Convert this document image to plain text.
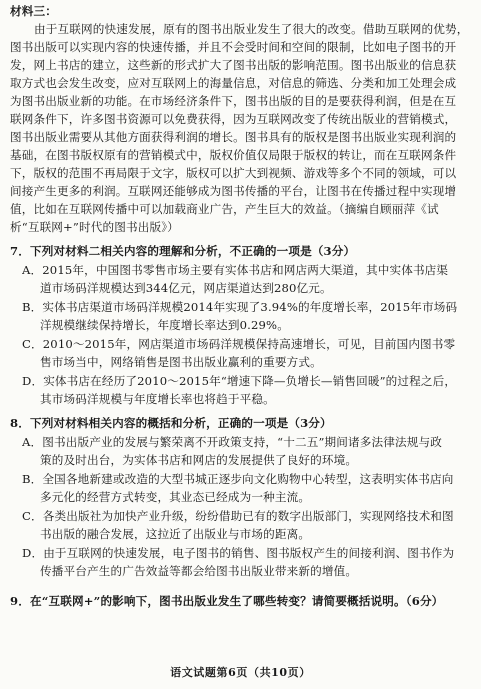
材料三：
由于互联网的快速发展，原有的图书出版业发生了很大的改变。借助互联网的优势，
图书出版可以实现内容的快速传播，并且不会受时间和空间的限制，比如电子图书的开
发，网上书店的建立，这些新的形式扩大了图书出版的影响范围。图书出版业的信息获
取方式也会发生改变，应对互联网上的海量信息，对信息的筛选、分类和加工处理会成
为图书出版业新的功能。在市场经济条件下，图书出版的目的是要获得利润，但是在互
联网条件下，许多图书资源可以免费获得，因为互联网改变了传统出版业的营销模式，
图书出版业需要从其他方面获得利润的增长。图书具有的版权是图书出版业实现利润的
基础，在图书版权原有的营销模式中，版权价值仅局限于版权的转让，而在互联网条件
下，版权的范围不再局限于文字，版权可以扩大到视频、游戏等多个不同的领域，可以
间接产生更多的利润。互联网还能够成为图书传播的平台，让图书在传播过程中实现增
值，比如在互联网传播中可以加载商业广告，产生巨大的效益。（摘编自顾丽萍《试
析“互联网+”时代的图书出版》）
7．下列对材料二相关内容的理解和分析，不正确的一项是（3分）
A．2015年，中国图书零售市场主要有实体书店和网店两大渠道，其中实体书店渠
道市场码洋规模达到344亿元，网店渠道达到280亿元。
B．实体书店渠道市场码洋规模2014年实现了3.94%的年度增长率，2015年市场码
洋规模继续保持增长，年度增长率达到0.29%。
C．2010～2015年，网店渠道市场码洋规模保持高速增长，可见，目前国内图书零
售市场当中，网络销售是图书出版业赢利的重要方式。
D．实体书店在经历了2010～2015年“增速下降—负增长—销售回暖”的过程之后，
其市场码洋规模与年度增长率也将趋于平稳。
8．下列对材料相关内容的概括和分析，正确的一项是（3分）
A．图书出版产业的发展与繁荣离不开政策支持，“十二五”期间诸多法律法规与政
策的及时出台，为实体书店和网店的发展提供了良好的环境。
B．全国各地新建或改造的大型书城正逐步向文化购物中心转型，这表明实体书店向
多元化的经营方式转变，其业态已经成为一种主流。
C．各类出版社为加快产业升级，纷纷借助已有的数字出版部门，实现网络技术和图
书出版的融合发展，这拉近了出版业与市场的距离。
D．由于互联网的快速发展，电子图书的销售、图书版权产生的间接利润、图书作为
传播平台产生的广告效益等都会给图书出版业带来新的增值。
9．在“互联网+”的影响下，图书出版业发生了哪些转变？请简要概括说明。（6分）
语文试题第6页（共10页）
